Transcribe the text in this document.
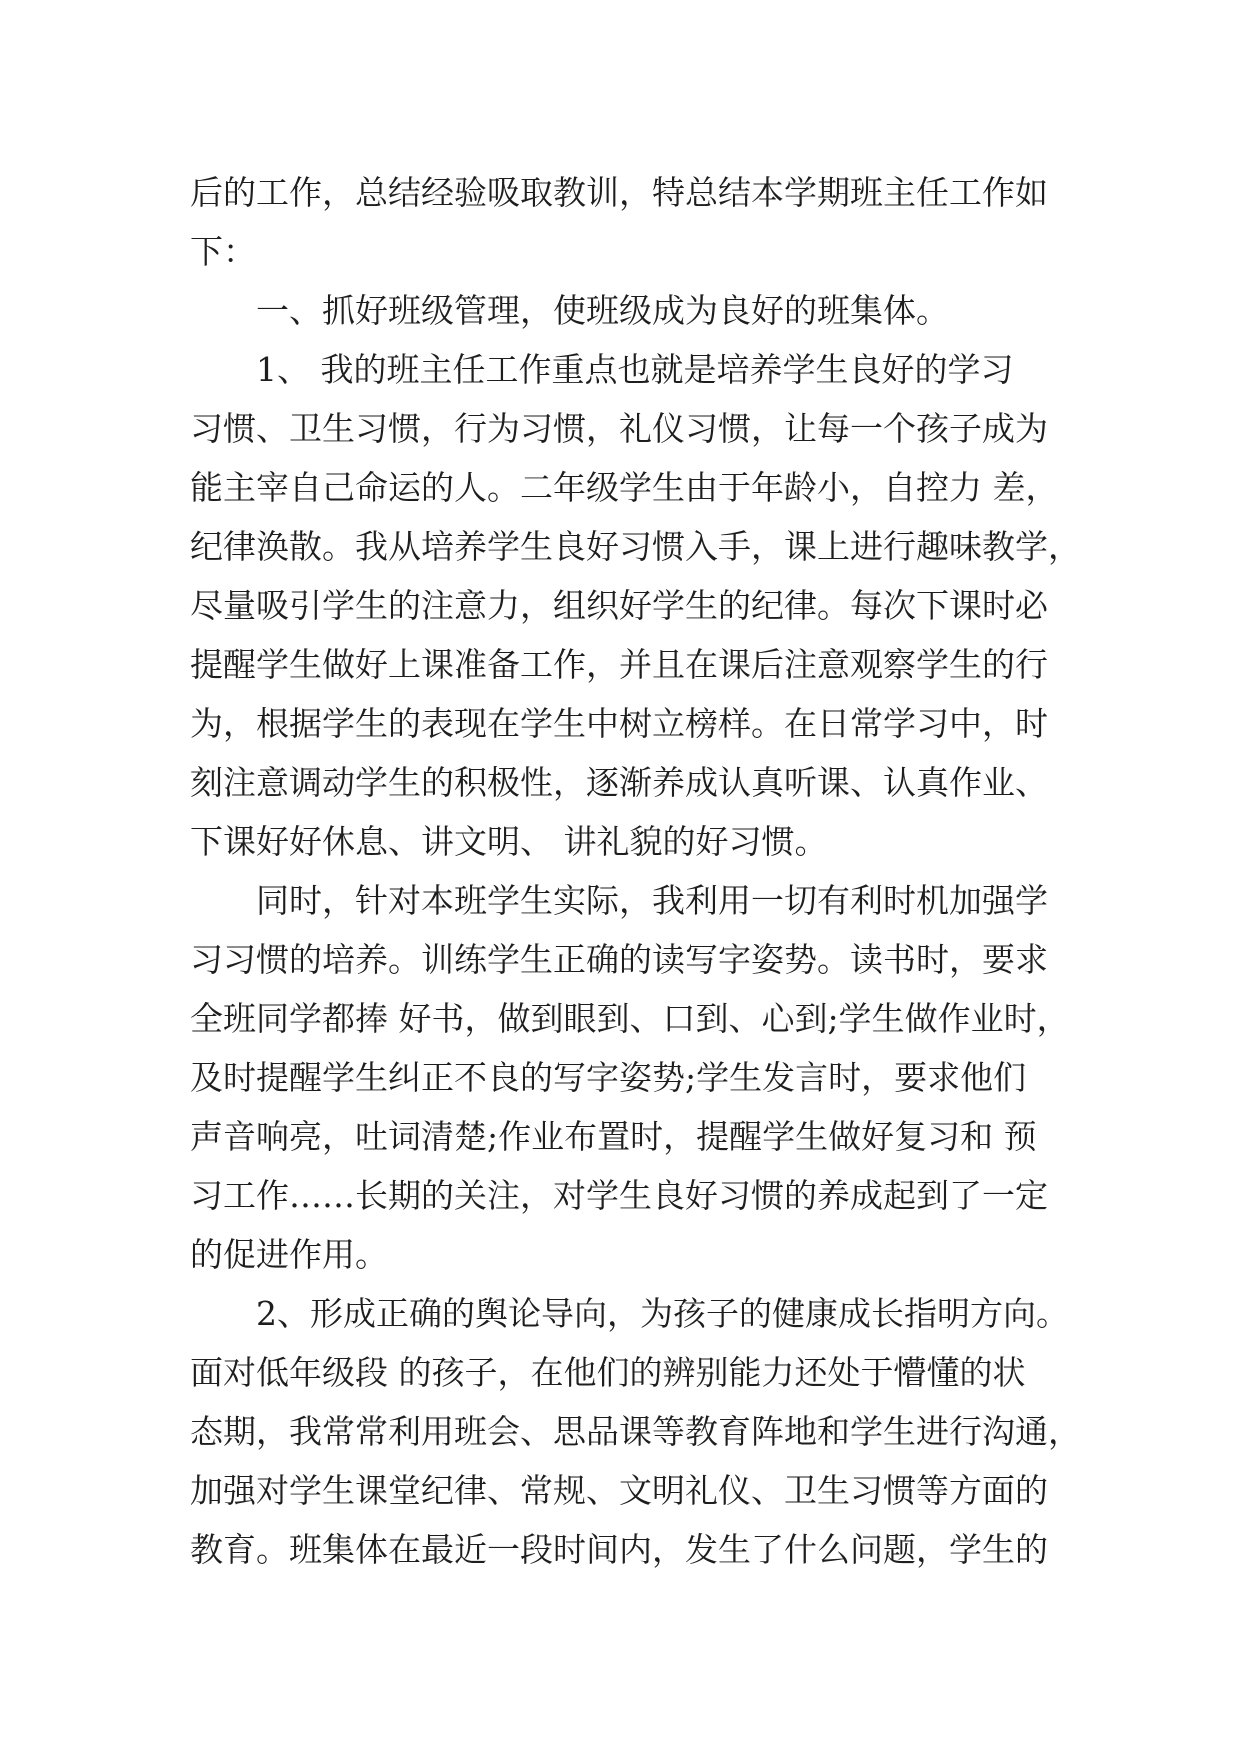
后的工作，总结经验吸取教训，特总结本学期班主任工作如
下：
一、抓好班级管理，使班级成为良好的班集体。
1、 我的班主任工作重点也就是培养学生良好的学习
习惯、卫生习惯，行为习惯，礼仪习惯，让每一个孩子成为
能主宰自己命运的人。二年级学生由于年龄小，自控力 差，
纪律涣散。我从培养学生良好习惯入手，课上进行趣味教学，
尽量吸引学生的注意力，组织好学生的纪律。每次下课时必
提醒学生做好上课准备工作，并且在课后注意观察学生的行
为，根据学生的表现在学生中树立榜样。在日常学习中，时
刻注意调动学生的积极性，逐渐养成认真听课、认真作业、
下课好好休息、讲文明、 讲礼貌的好习惯。
同时，针对本班学生实际，我利用一切有利时机加强学
习习惯的培养。训练学生正确的读写字姿势。读书时，要求
全班同学都捧 好书，做到眼到、口到、心到;学生做作业时，
及时提醒学生纠正不良的写字姿势;学生发言时，要求他们
声音响亮，吐词清楚;作业布置时，提醒学生做好复习和 预
习工作……长期的关注，对学生良好习惯的养成起到了一定
的促进作用。
2、形成正确的舆论导向，为孩子的健康成长指明方向。
面对低年级段 的孩子，在他们的辨别能力还处于懵懂的状
态期，我常常利用班会、思品课等教育阵地和学生进行沟通，
加强对学生课堂纪律、常规、文明礼仪、卫生习惯等方面的
教育。班集体在最近一段时间内，发生了什么问题，学生的
